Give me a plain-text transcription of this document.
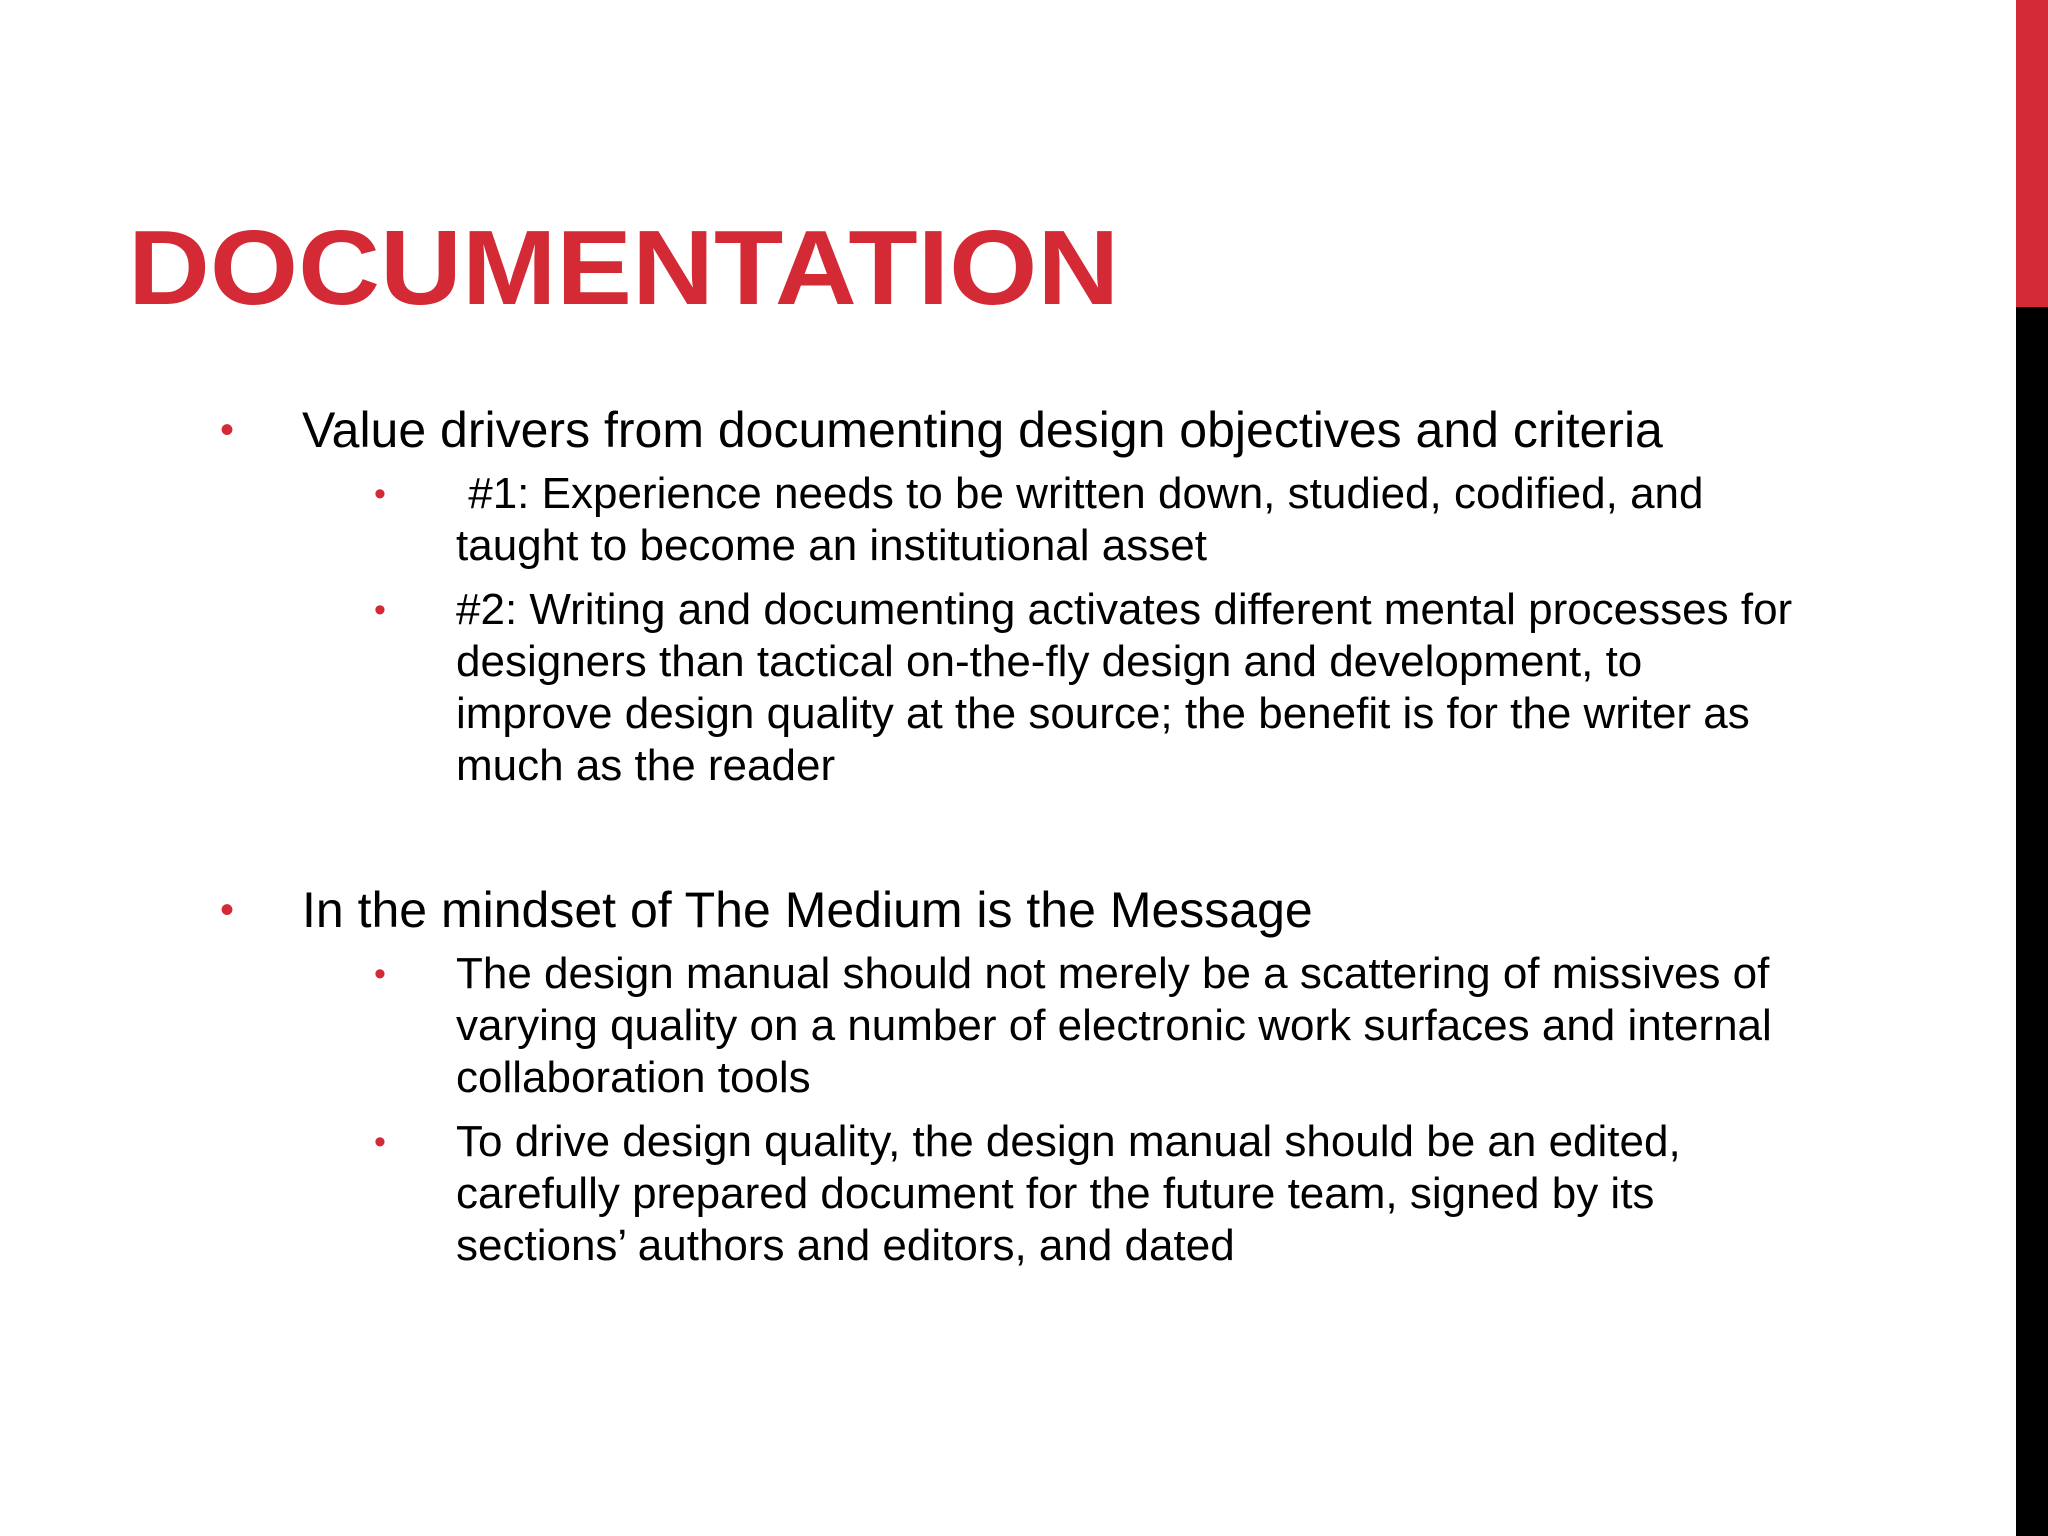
DOCUMENTATION
•	Value drivers from documenting design objectives and criteria
•	#1: Experience needs to be written down, studied, codified, and taught to become an institutional asset
•	#2: Writing and documenting activates different mental processes for designers than tactical on-the-fly design and development, to improve design quality at the source; the benefit is for the writer as much as the reader
•	In the mindset of The Medium is the Message
•	The design manual should not merely be a scattering of missives of varying quality on a number of electronic work surfaces and internal collaboration tools
•	To drive design quality, the design manual should be an edited, carefully prepared document for the future team, signed by its sections’ authors and editors, and dated
